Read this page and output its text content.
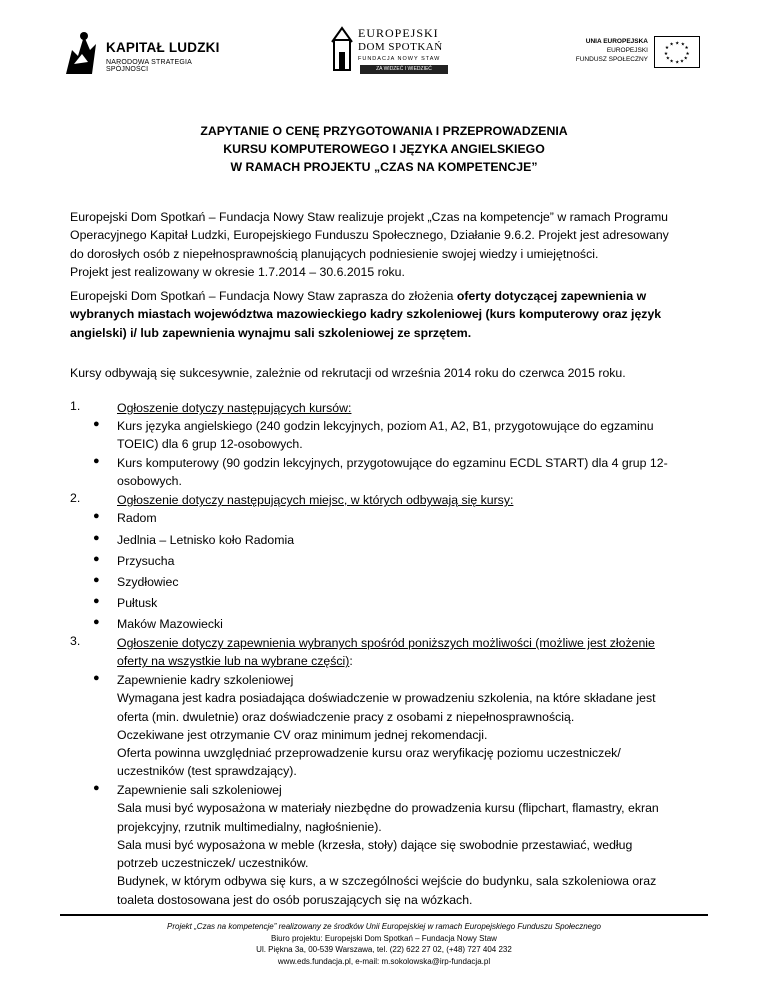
KAPITAŁ LUDZKI
NARODOWA STRATEGIA SPÓJNOŚCI
EUROPEJSKI
DOM SPOTKAŃ
FUNDACJA NOWY STAW
ZA WIDZEĆ I WIEDZIEĆ
UNIA EUROPEJSKA
EUROPEJSKI
FUNDUSZ SPOŁECZNY
★ ★
★
★
★
★
★
★
★
★
★
★
ZAPYTANIE O CENĘ PRZYGOTOWANIA I PRZEPROWADZENIA
KURSU KOMPUTEROWEGO I JĘZYKA ANGIELSKIEGO
W RAMACH PROJEKTU „CZAS NA KOMPETENCJE”
Europejski Dom Spotkań – Fundacja Nowy Staw realizuje projekt „Czas na kompetencje” w ramach Programu
Operacyjnego Kapitał Ludzki, Europejskiego Funduszu Społecznego, Działanie 9.6.2. Projekt jest adresowany
do dorosłych osób z niepełnosprawnością planujących podniesienie swojej wiedzy i umiejętności.
Projekt jest realizowany w okresie 1.7.2014 – 30.6.2015 roku.
Europejski Dom Spotkań – Fundacja Nowy Staw zaprasza do złożenia oferty dotyczącej zapewnienia w
wybranych miastach województwa mazowieckiego kadry szkoleniowej (kurs komputerowy oraz język
angielski) i/ lub zapewnienia wynajmu sali szkoleniowej ze sprzętem.
Kursy odbywają się sukcesywnie, zależnie od rekrutacji od września 2014 roku do czerwca 2015 roku.
1.	Ogłoszenie dotyczy następujących kursów:
● Kurs języka angielskiego (240 godzin lekcyjnych, poziom A1, A2, B1, przygotowujące do egzaminu
TOEIC) dla 6 grup 12-osobowych.
● Kurs komputerowy (90 godzin lekcyjnych, przygotowujące do egzaminu ECDL START) dla 4 grup 12-
osobowych.
2.	Ogłoszenie dotyczy następujących miejsc, w których odbywają się kursy:
● Radom
● Jedlnia – Letnisko koło Radomia
● Przysucha
● Szydłowiec
● Pułtusk
● Maków Mazowiecki
3.	Ogłoszenie dotyczy zapewnienia wybranych spośród poniższych możliwości (możliwe jest złożenie
oferty na wszystkie lub na wybrane części):
● Zapewnienie kadry szkoleniowej
Wymagana jest kadra posiadająca doświadczenie w prowadzeniu szkolenia, na które składane jest
oferta (min. dwuletnie) oraz doświadczenie pracy z osobami z niepełnosprawnością.
Oczekiwane jest otrzymanie CV oraz minimum jednej rekomendacji.
Oferta powinna uwzględniać przeprowadzenie kursu oraz weryfikację poziomu uczestniczek/
uczestników (test sprawdzający).
● Zapewnienie sali szkoleniowej
Sala musi być wyposażona w materiały niezbędne do prowadzenia kursu (flipchart, flamastry, ekran
projekcyjny, rzutnik multimedialny, nagłośnienie).
Sala musi być wyposażona w meble (krzesła, stoły) dające się swobodnie przestawiać, według
potrzeb uczestniczek/ uczestników.
Budynek, w którym odbywa się kurs, a w szczególności wejście do budynku, sala szkoleniowa oraz
toaleta dostosowana jest do osób poruszających się na wózkach.
Projekt „Czas na kompetencje” realizowany ze środków Unii Europejskiej w ramach Europejskiego Funduszu Społecznego
Biuro projektu: Europejski Dom Spotkań – Fundacja Nowy Staw
Ul. Piękna 3a, 00-539 Warszawa, tel. (22) 622 27 02, (+48) 727 404 232
www.eds.fundacja.pl, e-mail: m.sokolowska@irp-fundacja.pl
